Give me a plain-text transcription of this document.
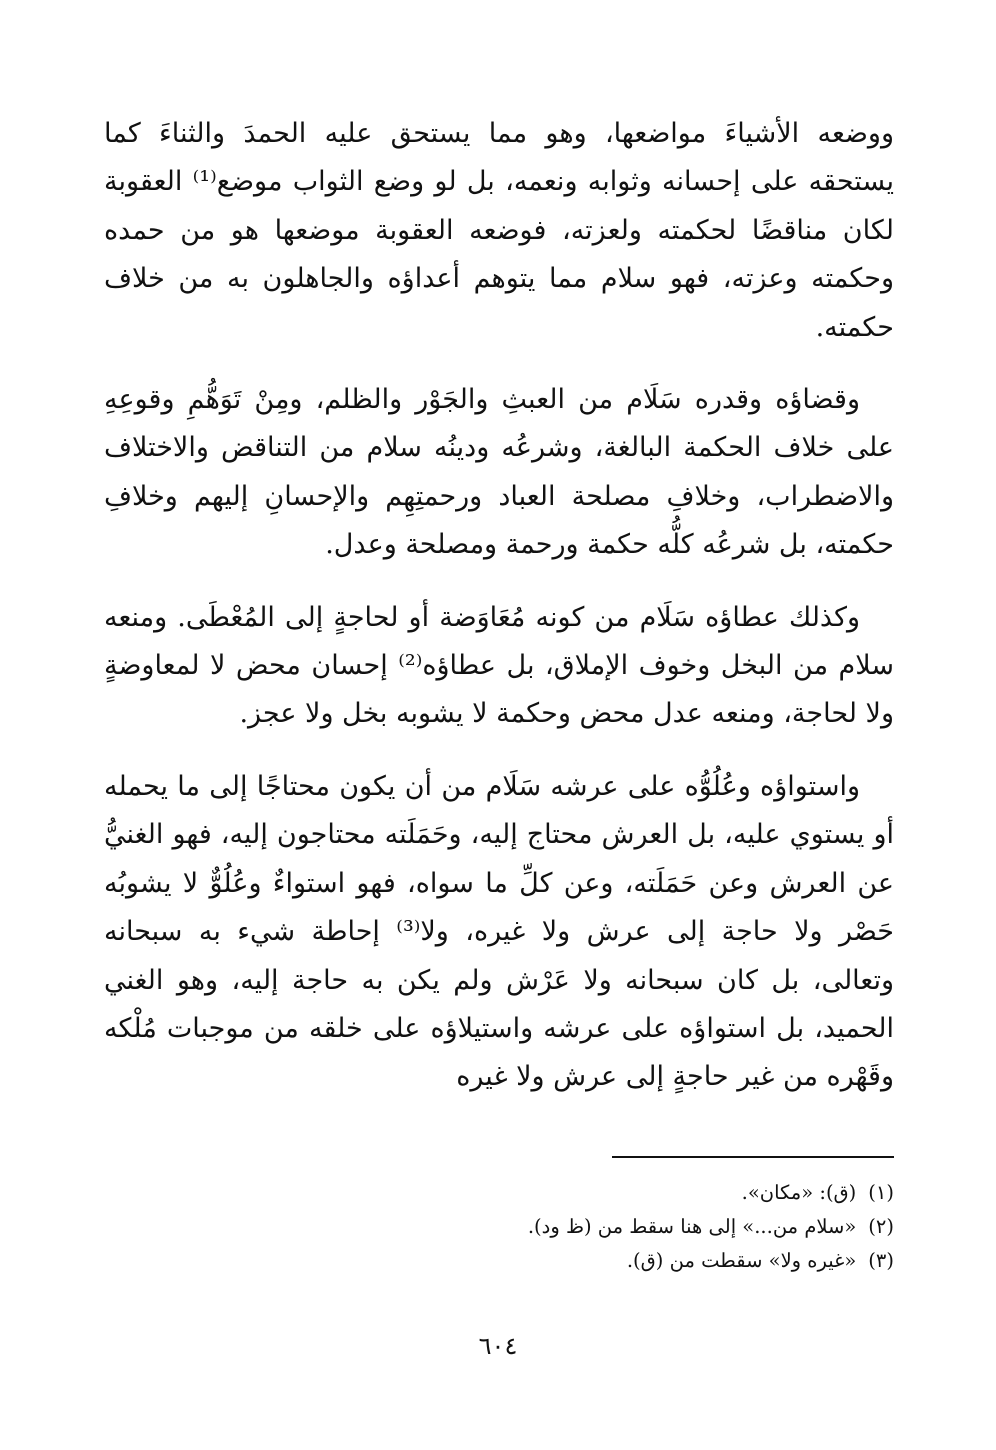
ووضعه الأشياءَ مواضعها، وهو مما يستحق عليه الحمدَ والثناءَ كما يستحقه على إحسانه وثوابه ونعمه، بل لو وضع الثواب موضع⁽¹⁾ العقوبة لكان مناقضًا لحكمته ولعزته، فوضعه العقوبة موضعها هو من حمده وحكمته وعزته، فهو سلام مما يتوهم أعداؤه والجاهلون به من خلاف حكمته.

وقضاؤه وقدره سَلَام من العبثِ والجَوْر والظلم، ومِنْ تَوَهُّمِ وقوعِهِ على خلاف الحكمة البالغة، وشرعُه ودينُه سلام من التناقض والاختلاف والاضطراب، وخلافِ مصلحة العباد ورحمتِهِم والإحسانِ إليهم وخلافِ حكمته، بل شرعُه كلُّه حكمة ورحمة ومصلحة وعدل.

وكذلك عطاؤه سَلَام من كونه مُعَاوَضة أو لحاجةٍ إلى المُعْطَى. ومنعه سلام من البخل وخوف الإملاق، بل عطاؤه⁽²⁾ إحسان محض لا لمعاوضةٍ ولا لحاجة، ومنعه عدل محض وحكمة لا يشوبه بخل ولا عجز.

واستواؤه وعُلُوُّه على عرشه سَلَام من أن يكون محتاجًا إلى ما يحمله أو يستوي عليه، بل العرش محتاج إليه، وحَمَلَته محتاجون إليه، فهو الغنيُّ عن العرش وعن حَمَلَته، وعن كلِّ ما سواه، فهو استواءٌ وعُلُوٌّ لا يشوبُه حَصْر ولا حاجة إلى عرش ولا غيره، ولا⁽³⁾ إحاطة شيء به سبحانه وتعالى، بل كان سبحانه ولا عَرْش ولم يكن به حاجة إليه، وهو الغني الحميد، بل استواؤه على عرشه واستيلاؤه على خلقه من موجبات مُلْكه وقَهْره من غير حاجةٍ إلى عرش ولا غيره

(١)(ق): «مكان».

(٢)«سلام من...» إلى هنا سقط من (ظ ود).

(٣)«غيره ولا» سقطت من (ق).

٦٠٤
